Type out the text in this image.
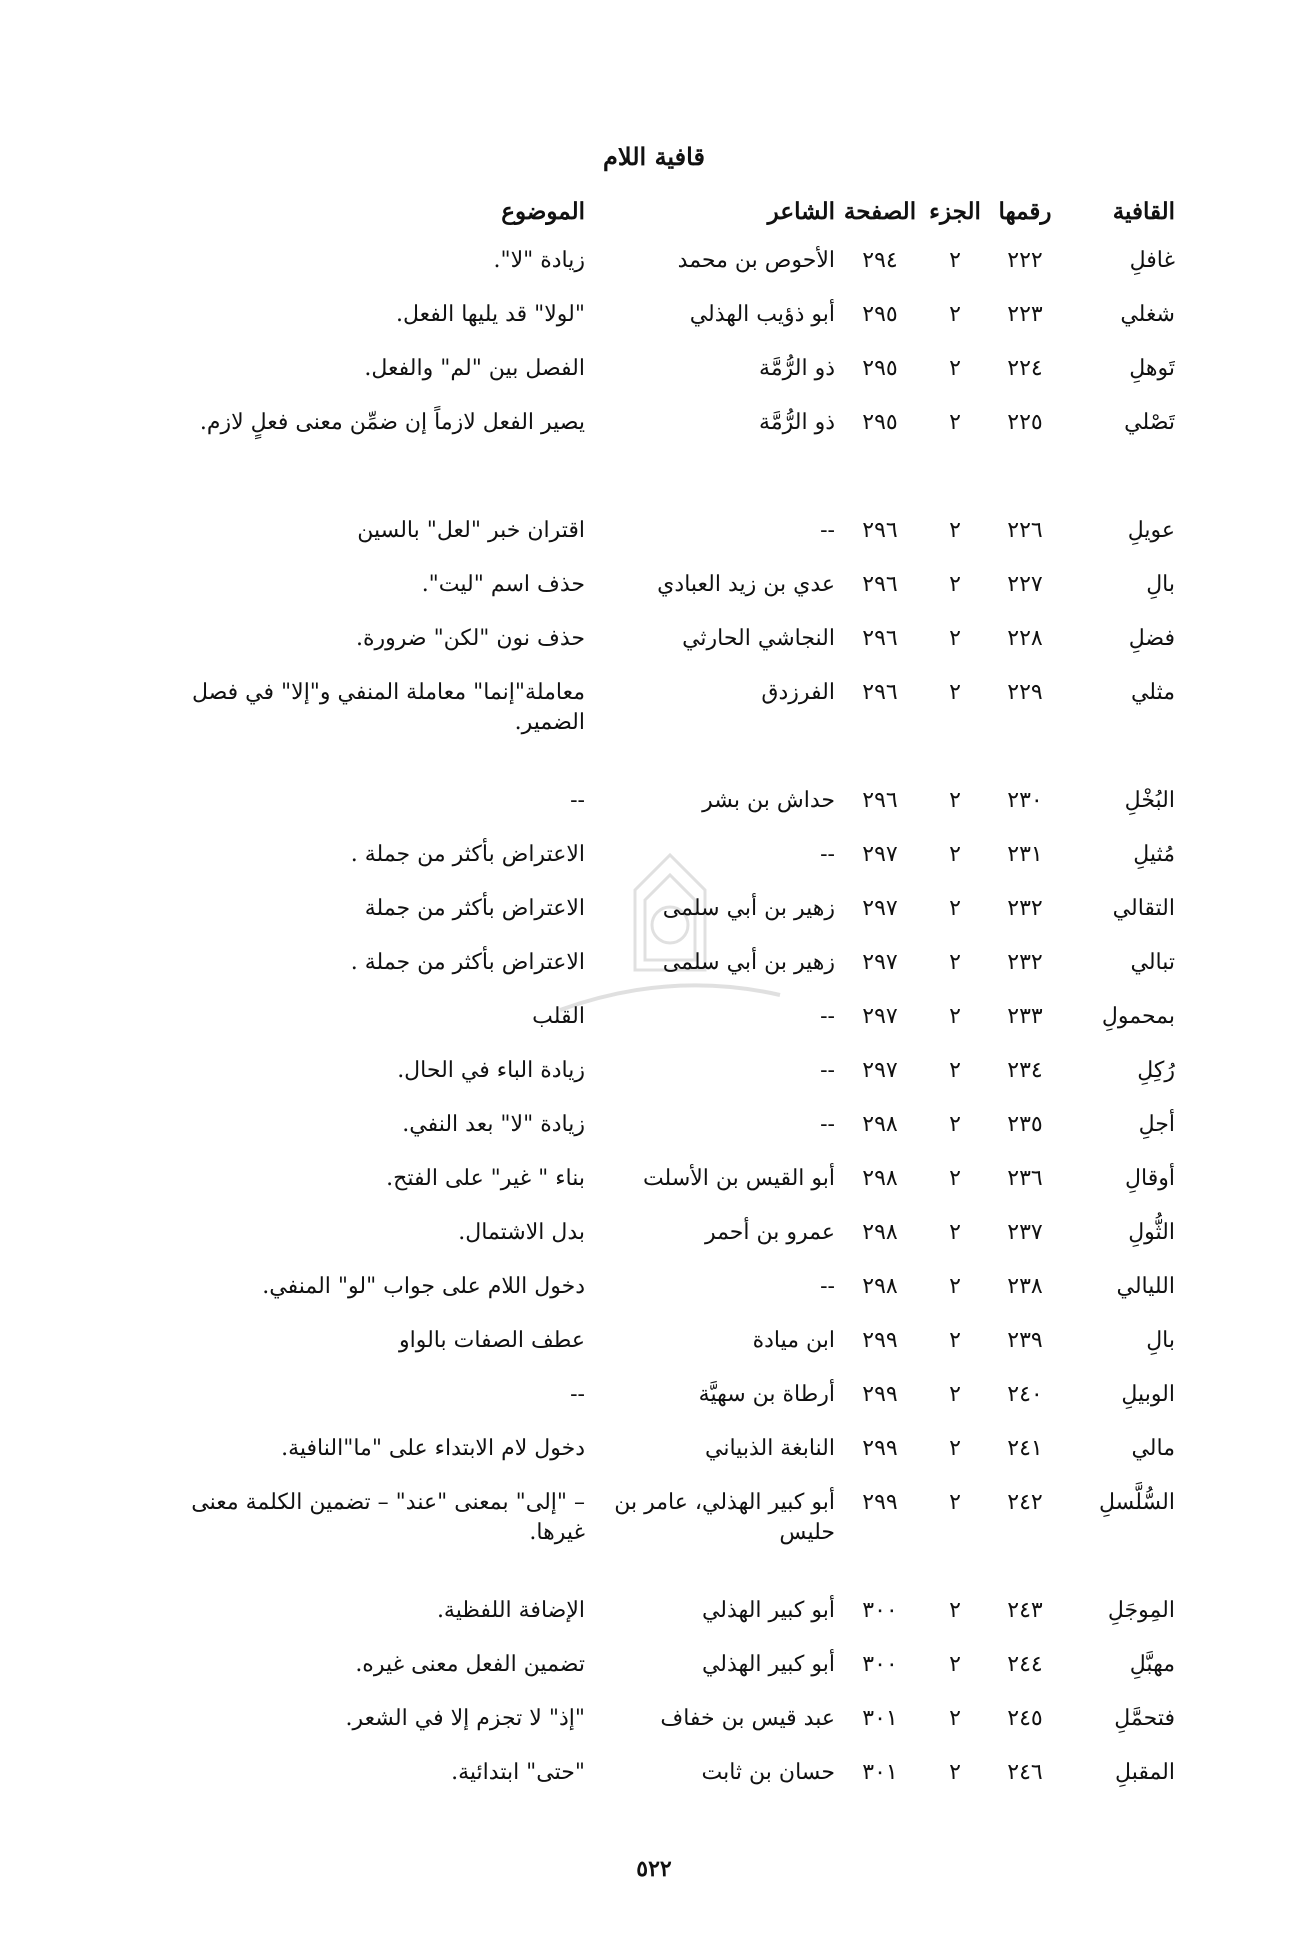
قافية اللام
القافية	رقمها	الجزء	الصفحة	الشاعر	الموضوع
غافلِ	٢٢٢	٢	٢٩٤	الأحوص بن محمد	زيادة "لا".
شغلي	٢٢٣	٢	٢٩٥	أبو ذؤيب الهذلي	"لولا" قد يليها الفعل.
تَوهلِ	٢٢٤	٢	٢٩٥	ذو الرُّمَّة	الفصل بين "لم" والفعل.
تَصْلي	٢٢٥	٢	٢٩٥	ذو الرُّمَّة	يصير الفعل لازماً إن ضمِّن معنى فعلٍ لازم.
عويلِ	٢٢٦	٢	٢٩٦	--	اقتران خبر "لعل" بالسين
بالِ	٢٢٧	٢	٢٩٦	عدي بن زيد العبادي	حذف اسم "ليت".
فضلِ	٢٢٨	٢	٢٩٦	النجاشي الحارثي	حذف نون "لكن" ضرورة.
مثلي	٢٢٩	٢	٢٩٦	الفرزدق	معاملة"إنما" معاملة المنفي و"إلا" في فصل الضمير.
البُخْلِ	٢٣٠	٢	٢٩٦	حداش بن بشر	--
مُثيلِ	٢٣١	٢	٢٩٧	--	الاعتراض بأكثر من جملة .
التقالي	٢٣٢	٢	٢٩٧	زهير بن أبي سلمى	الاعتراض بأكثر من جملة
تبالي	٢٣٢	٢	٢٩٧	زهير بن أبي سلمى	الاعتراض بأكثر من جملة .
بمحمولِ	٢٣٣	٢	٢٩٧	--	القلب
رُكِلِ	٢٣٤	٢	٢٩٧	--	زيادة الباء في الحال.
أجلِ	٢٣٥	٢	٢٩٨	--	زيادة "لا" بعد النفي.
أوقالِ	٢٣٦	٢	٢٩٨	أبو القيس بن الأسلت	بناء " غير" على الفتح.
الثُّولِ	٢٣٧	٢	٢٩٨	عمرو بن أحمر	بدل الاشتمال.
الليالي	٢٣٨	٢	٢٩٨	--	دخول اللام على جواب "لو" المنفي.
بالِ	٢٣٩	٢	٢٩٩	ابن ميادة	عطف الصفات بالواو
الوبيلِ	٢٤٠	٢	٢٩٩	أرطاة بن سهيَّة	--
مالي	٢٤١	٢	٢٩٩	النابغة الذبياني	دخول لام الابتداء على "ما"النافية.
السُّلَّسلِ	٢٤٢	٢	٢٩٩	أبو كبير الهذلي، عامر بن حليس	– "إلى" بمعنى "عند" – تضمين الكلمة معنى غيرها.
المِوجَلِ	٢٤٣	٢	٣٠٠	أبو كبير الهذلي	الإضافة اللفظية.
مهبَّلِ	٢٤٤	٢	٣٠٠	أبو كبير الهذلي	تضمين الفعل معنى غيره.
فتحمَّلِ	٢٤٥	٢	٣٠١	عبد قيس بن خفاف	"إذ" لا تجزم إلا في الشعر.
المقبلِ	٢٤٦	٢	٣٠١	حسان بن ثابت	"حتى" ابتدائية.
٥٢٢
